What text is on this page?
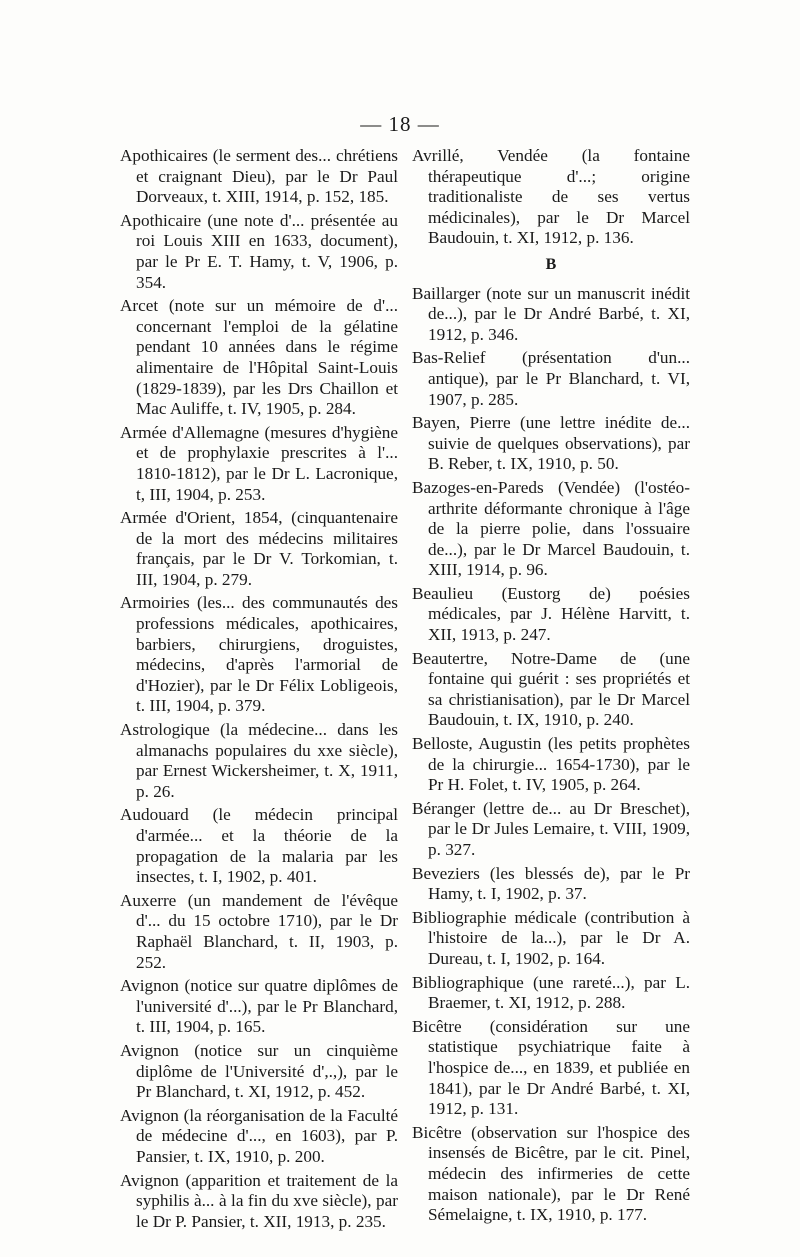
— 18 —

Apothicaires (le serment des... chrétiens et craignant Dieu), par le Dr Paul Dorveaux, t. XIII, 1914, p. 152, 185.

Apothicaire (une note d'... présentée au roi Louis XIII en 1633, document), par le Pr E. T. Hamy, t. V, 1906, p. 354.

Arcet (note sur un mémoire de d'... concernant l'emploi de la gélatine pendant 10 années dans le régime alimentaire de l'Hôpital Saint-Louis (1829-1839), par les Drs Chaillon et Mac Auliffe, t. IV, 1905, p. 284.

Armée d'Allemagne (mesures d'hygiène et de prophylaxie prescrites à l'... 1810-1812), par le Dr L. Lacronique, t, III, 1904, p. 253.

Armée d'Orient, 1854, (cinquantenaire de la mort des médecins militaires français, par le Dr V. Torkomian, t. III, 1904, p. 279.

Armoiries (les... des communautés des professions médicales, apothicaires, barbiers, chirurgiens, droguistes, médecins, d'après l'armorial de d'Hozier), par le Dr Félix Lobligeois, t. III, 1904, p. 379.

Astrologique (la médecine... dans les almanachs populaires du xxe siècle), par Ernest Wickersheimer, t. X, 1911, p. 26.

Audouard (le médecin principal d'armée... et la théorie de la propagation de la malaria par les insectes, t. I, 1902, p. 401.

Auxerre (un mandement de l'évêque d'... du 15 octobre 1710), par le Dr Raphaël Blanchard, t. II, 1903, p. 252.

Avignon (notice sur quatre diplômes de l'université d'...), par le Pr Blanchard, t. III, 1904, p. 165.

Avignon (notice sur un cinquième diplôme de l'Université d',.,), par le Pr Blanchard, t. XI, 1912, p. 452.

Avignon (la réorganisation de la Faculté de médecine d'..., en 1603), par P. Pansier, t. IX, 1910, p. 200.

Avignon (apparition et traitement de la syphilis à... à la fin du xve siècle), par le Dr P. Pansier, t. XII, 1913, p. 235.

Avrillé, Vendée (la fontaine thérapeutique d'...; origine traditionaliste de ses vertus médicinales), par le Dr Marcel Baudouin, t. XI, 1912, p. 136.

B

Baillarger (note sur un manuscrit inédit de...), par le Dr André Barbé, t. XI, 1912, p. 346.

Bas-Relief (présentation d'un... antique), par le Pr Blanchard, t. VI, 1907, p. 285.

Bayen, Pierre (une lettre inédite de... suivie de quelques observations), par B. Reber, t. IX, 1910, p. 50.

Bazoges-en-Pareds (Vendée) (l'ostéo-arthrite déformante chronique à l'âge de la pierre polie, dans l'ossuaire de...), par le Dr Marcel Baudouin, t. XIII, 1914, p. 96.

Beaulieu (Eustorg de) poésies médicales, par J. Hélène Harvitt, t. XII, 1913, p. 247.

Beautertre, Notre-Dame de (une fontaine qui guérit : ses propriétés et sa christianisation), par le Dr Marcel Baudouin, t. IX, 1910, p. 240.

Belloste, Augustin (les petits prophètes de la chirurgie... 1654-1730), par le Pr H. Folet, t. IV, 1905, p. 264.

Béranger (lettre de... au Dr Breschet), par le Dr Jules Lemaire, t. VIII, 1909, p. 327.

Beveziers (les blessés de), par le Pr Hamy, t. I, 1902, p. 37.

Bibliographie médicale (contribution à l'histoire de la...), par le Dr A. Dureau, t. I, 1902, p. 164.

Bibliographique (une rareté...), par L. Braemer, t. XI, 1912, p. 288.

Bicêtre (considération sur une statistique psychiatrique faite à l'hospice de..., en 1839, et publiée en 1841), par le Dr André Barbé, t. XI, 1912, p. 131.

Bicêtre (observation sur l'hospice des insensés de Bicêtre, par le cit. Pinel, médecin des infirmeries de cette maison nationale), par le Dr René Sémelaigne, t. IX, 1910, p. 177.
